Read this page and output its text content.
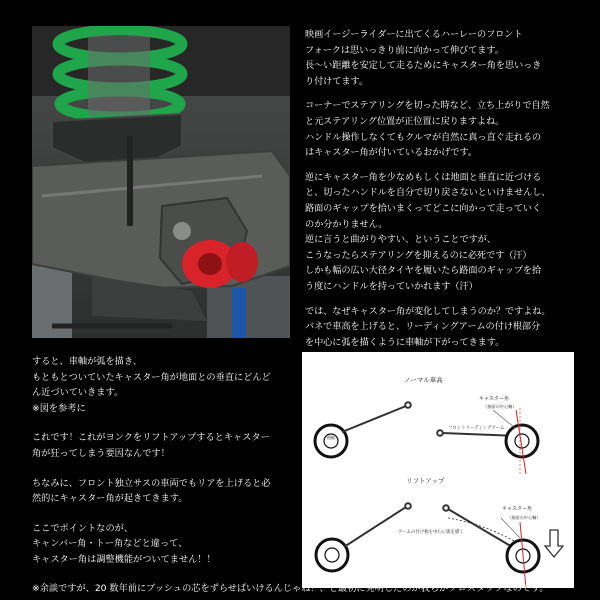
映画イージーライダーに出てくるハーレーのフロント
フォークは思いっきり前に向かって伸びてます。
長〜い距離を安定して走るためにキャスター角を思いっき
り付けてます。

コーナーでステアリングを切った時など、立ち上がりで自然
と元ステアリング位置が正位置に戻りますよね。
ハンドル操作しなくてもクルマが自然に真っ直ぐ走れるの
はキャスター角が付いているおかげです。

逆にキャスター角を少なめもしくは地面と垂直に近づける
と、切ったハンドルを自分で切り戻さないといけませんし、
路面のギャップを拾いまくってどこに向かって走っていく
のか分かりません。
逆に言うと曲がりやすい、ということですが、
こうなったらステアリングを抑えるのに必死です（汗）
しかも幅の広い大径タイヤを履いたら路面のギャップを拾
う度にハンドルを持っていかれます（汗）

では、なぜキャスター角が変化してしまうのか？ですよね。
バネで車高を上げると、リーディングアームの付け根部分
を中心に弧を描くように車軸が下がってきます。

すると、車軸が弧を描き、
もともとついていたキャスター角が地面との垂直にどんど
ん近づいていきます。
※図を参考に

これです！これがヨンクをリフトアップするとキャスター
角が狂ってしまう要因なんです！

ちなみに、フロント独立サスの車両でもリアを上げると必
然的にキャスター角が起きてきます。

ここでポイントなのが、
キャンバー角・トー角などと違って、
キャスター角は調整機能がついてません！！

ノーマル車高
キャスター角
（接面の中心軸）
フロントリーディングアーム
後輪
リフトアップ
キャスター角
（接面の中心軸）
アームの付け根を中心に弧を描く
※余談ですが、20 数年前にブッシュの芯をずらせばいけるんじゃね？、と最初に発明したのが我らがプロスタッフなのです。
